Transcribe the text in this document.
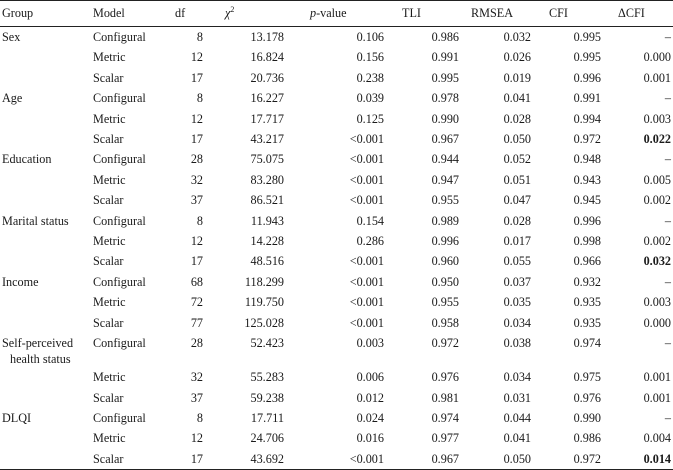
Group	Model	df	$\chi^2$	p-value	TLI	RMSEA	CFI	ΔCFI
Sex	Configural	8	13.178	0.106	0.986	0.032	0.995	–
	Metric	12	16.824	0.156	0.991	0.026	0.995	0.000
	Scalar	17	20.736	0.238	0.995	0.019	0.996	0.001
Age	Configural	8	16.227	0.039	0.978	0.041	0.991	–
	Metric	12	17.717	0.125	0.990	0.028	0.994	0.003
	Scalar	17	43.217	<0.001	0.967	0.050	0.972	0.022
Education	Configural	28	75.075	<0.001	0.944	0.052	0.948	–
	Metric	32	83.280	<0.001	0.947	0.051	0.943	0.005
	Scalar	37	86.521	<0.001	0.955	0.047	0.945	0.002
Marital status	Configural	8	11.943	0.154	0.989	0.028	0.996	–
	Metric	12	14.228	0.286	0.996	0.017	0.998	0.002
	Scalar	17	48.516	<0.001	0.960	0.055	0.966	0.032
Income	Configural	68	118.299	<0.001	0.950	0.037	0.932	–
	Metric	72	119.750	<0.001	0.955	0.035	0.935	0.003
	Scalar	77	125.028	<0.001	0.958	0.034	0.935	0.000
Self-perceived
health status	Configural	28	52.423	0.003	0.972	0.038	0.974	–
	Metric	32	55.283	0.006	0.976	0.034	0.975	0.001
	Scalar	37	59.238	0.012	0.981	0.031	0.976	0.001
DLQI	Configural	8	17.711	0.024	0.974	0.044	0.990	–
	Metric	12	24.706	0.016	0.977	0.041	0.986	0.004
	Scalar	17	43.692	<0.001	0.967	0.050	0.972	0.014
